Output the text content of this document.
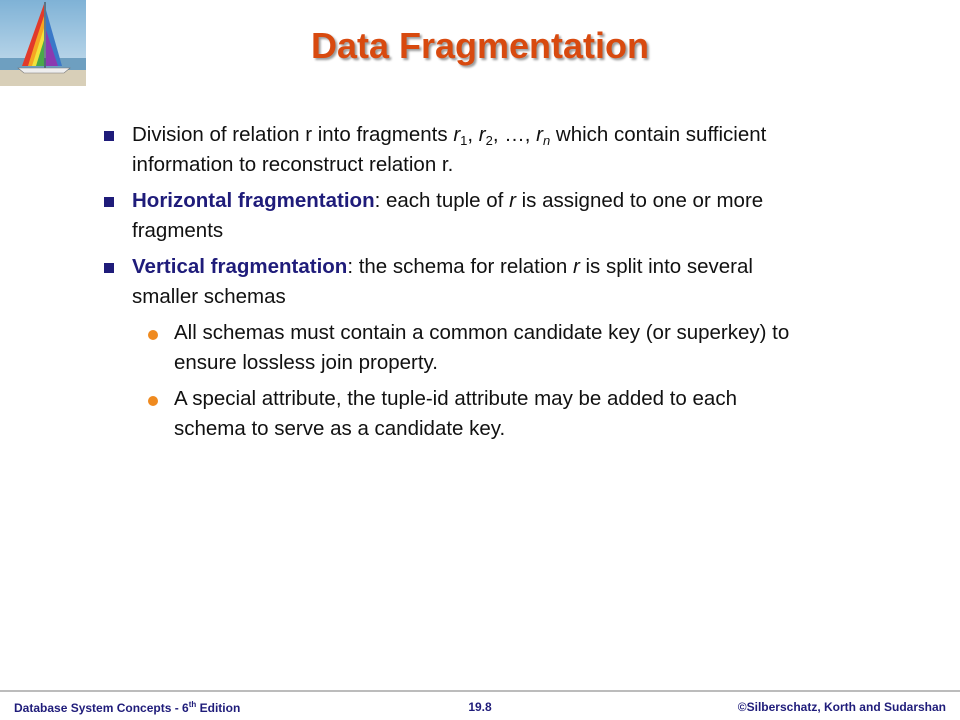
Data Fragmentation
Division of relation r into fragments $r_1$, $r_2$, …, $r_n$ which contain sufficient information to reconstruct relation r.
Horizontal fragmentation: each tuple of r is assigned to one or more fragments
Vertical fragmentation: the schema for relation r is split into several smaller schemas
All schemas must contain a common candidate key (or superkey) to ensure lossless join property.
A special attribute, the tuple-id attribute may be added to each schema to serve as a candidate key.
Database System Concepts - 6th Edition	19.8	©Silberschatz, Korth and Sudarshan
